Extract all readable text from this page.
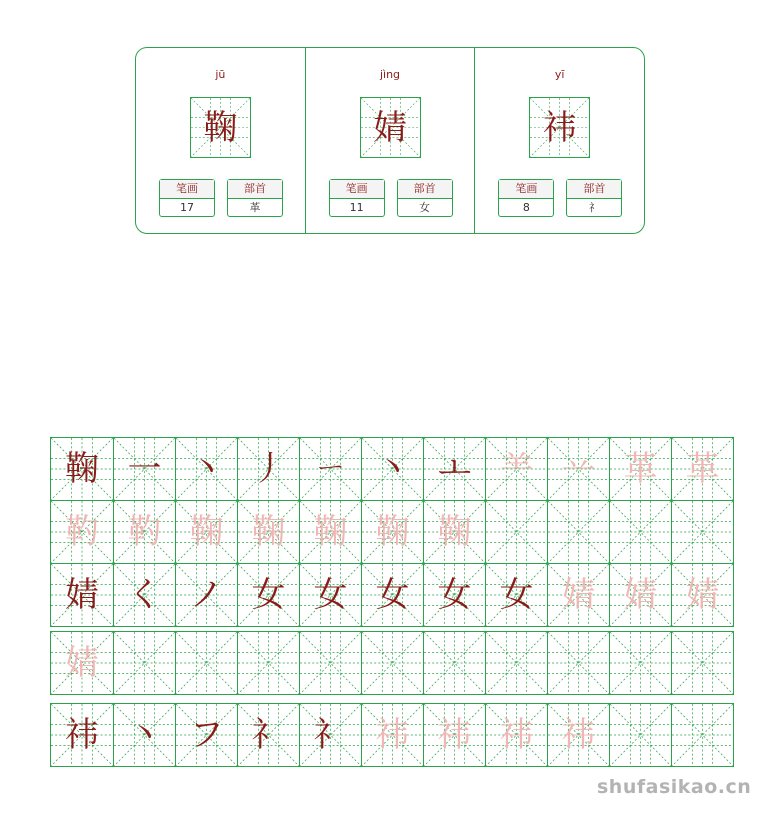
jū
鞠
笔画
17
部首
革
jìng
婧
笔画
11
部首
女
yī
祎
笔画
8
部首
礻
鞠 一 丶 丿 ㄧ 丶 ㅗ ⺷ 䒑 革 革
靮 靮 鞠 鞠 鞠 鞠 鞠
婧 く ノ 女 女 女 女 女 婧 婧 婧
婧
祎 丶 フ 礻 礻 祎 祎 祎 祎
shufasikao.cn
